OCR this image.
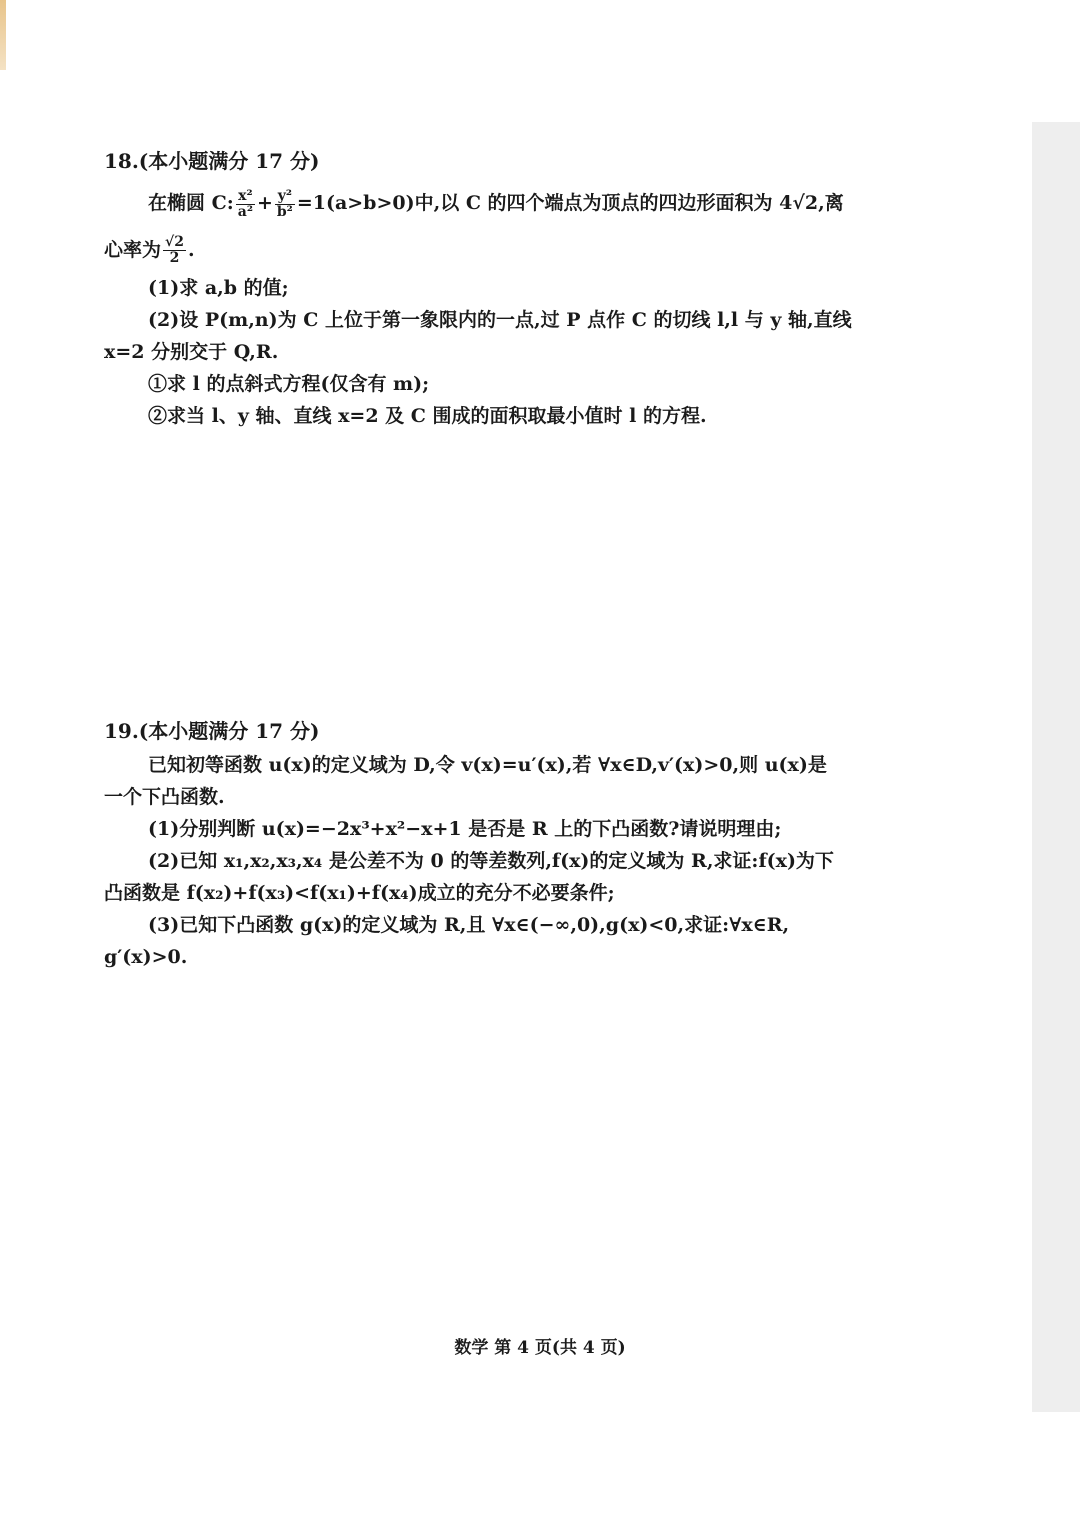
18.(本小题满分 17 分)

在椭圆 C: $\frac{\text{x²}}{\text{a²}} + \frac{\text{y²}}{\text{b²}} =1(a>b>0)$中,以 C 的四个端点为顶点的四边形面积为 4√2,离

心率为 $\frac{√2}{2}$ .

(1)求 a,b 的值;

(2)设 P(m,n)为 C 上位于第一象限内的一点,过 P 点作 C 的切线 l,l 与 y 轴,直线

x=2 分别交于 Q,R.

①求 l 的点斜式方程(仅含有 m);

②求当 l、y 轴、直线 x=2 及 C 围成的面积取最小值时 l 的方程.

19.(本小题满分 17 分)

已知初等函数 u(x)的定义域为 D,令 v(x)=u′(x),若 ∀x∈D,v′(x)>0,则 u(x)是

一个下凸函数.

(1)分别判断 u(x)=−2x³+x²−x+1 是否是 R 上的下凸函数?请说明理由;

(2)已知 x₁,x₂,x₃,x₄ 是公差不为 0 的等差数列,f(x)的定义域为 R,求证:f(x)为下

凸函数是 f(x₂)+f(x₃)<f(x₁)+f(x₄)成立的充分不必要条件;

(3)已知下凸函数 g(x)的定义域为 R,且 ∀x∈(−∞,0),g(x)<0,求证:∀x∈R,

g′(x)>0.

数学 第 4 页(共 4 页)
